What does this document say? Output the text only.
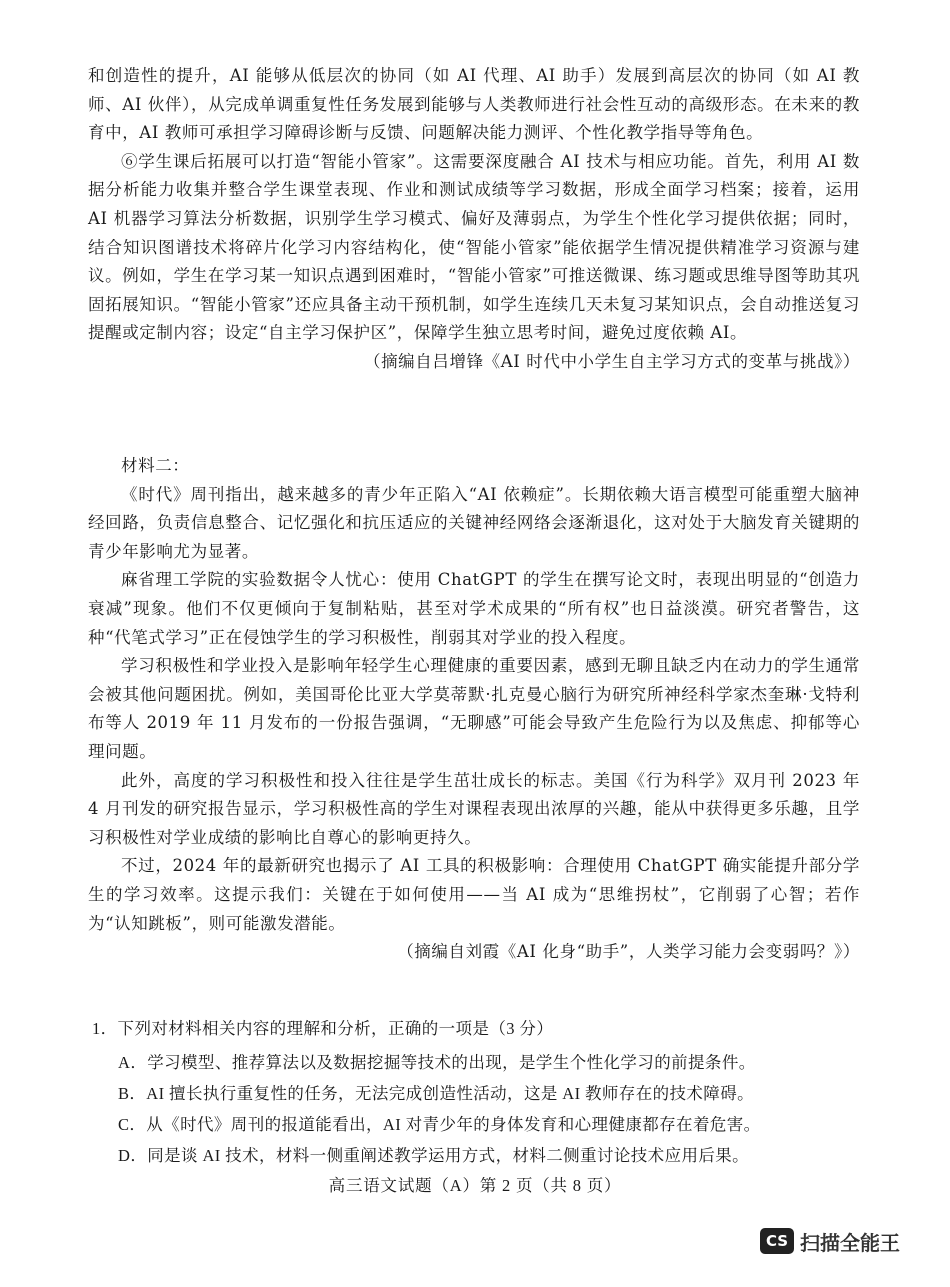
和创造性的提升，AI 能够从低层次的协同（如 AI 代理、AI 助手）发展到高层次的协同（如 AI 教师、AI 伙伴），从完成单调重复性任务发展到能够与人类教师进行社会性互动的高级形态。在未来的教育中，AI 教师可承担学习障碍诊断与反馈、问题解决能力测评、个性化教学指导等角色。

⑥学生课后拓展可以打造“智能小管家”。这需要深度融合 AI 技术与相应功能。首先，利用 AI 数据分析能力收集并整合学生课堂表现、作业和测试成绩等学习数据，形成全面学习档案；接着，运用 AI 机器学习算法分析数据，识别学生学习模式、偏好及薄弱点，为学生个性化学习提供依据；同时，结合知识图谱技术将碎片化学习内容结构化，使“智能小管家”能依据学生情况提供精准学习资源与建议。例如，学生在学习某一知识点遇到困难时，“智能小管家”可推送微课、练习题或思维导图等助其巩固拓展知识。“智能小管家”还应具备主动干预机制，如学生连续几天未复习某知识点，会自动推送复习提醒或定制内容；设定“自主学习保护区”，保障学生独立思考时间，避免过度依赖 AI。

（摘编自吕增锋《AI 时代中小学生自主学习方式的变革与挑战》）

材料二：

《时代》周刊指出，越来越多的青少年正陷入“AI 依赖症”。长期依赖大语言模型可能重塑大脑神经回路，负责信息整合、记忆强化和抗压适应的关键神经网络会逐渐退化，这对处于大脑发育关键期的青少年影响尤为显著。

麻省理工学院的实验数据令人忧心：使用 ChatGPT 的学生在撰写论文时，表现出明显的“创造力衰减”现象。他们不仅更倾向于复制粘贴，甚至对学术成果的“所有权”也日益淡漠。研究者警告，这种“代笔式学习”正在侵蚀学生的学习积极性，削弱其对学业的投入程度。

学习积极性和学业投入是影响年轻学生心理健康的重要因素，感到无聊且缺乏内在动力的学生通常会被其他问题困扰。例如，美国哥伦比亚大学莫蒂默·扎克曼心脑行为研究所神经科学家杰奎琳·戈特利布等人 2019 年 11 月发布的一份报告强调，“无聊感”可能会导致产生危险行为以及焦虑、抑郁等心理问题。

此外，高度的学习积极性和投入往往是学生茁壮成长的标志。美国《行为科学》双月刊 2023 年 4 月刊发的研究报告显示，学习积极性高的学生对课程表现出浓厚的兴趣，能从中获得更多乐趣，且学习积极性对学业成绩的影响比自尊心的影响更持久。

不过，2024 年的最新研究也揭示了 AI 工具的积极影响：合理使用 ChatGPT 确实能提升部分学生的学习效率。这提示我们：关键在于如何使用——当 AI 成为“思维拐杖”，它削弱了心智；若作为“认知跳板”，则可能激发潜能。

（摘编自刘霞《AI 化身“助手”，人类学习能力会变弱吗？》）

1．下列对材料相关内容的理解和分析，正确的一项是（3 分）
A．学习模型、推荐算法以及数据挖掘等技术的出现，是学生个性化学习的前提条件。
B．AI 擅长执行重复性的任务，无法完成创造性活动，这是 AI 教师存在的技术障碍。
C．从《时代》周刊的报道能看出，AI 对青少年的身体发育和心理健康都存在着危害。
D．同是谈 AI 技术，材料一侧重阐述教学运用方式，材料二侧重讨论技术应用后果。
高三语文试题（A）第 2 页（共 8 页）
CS 扫描全能王
